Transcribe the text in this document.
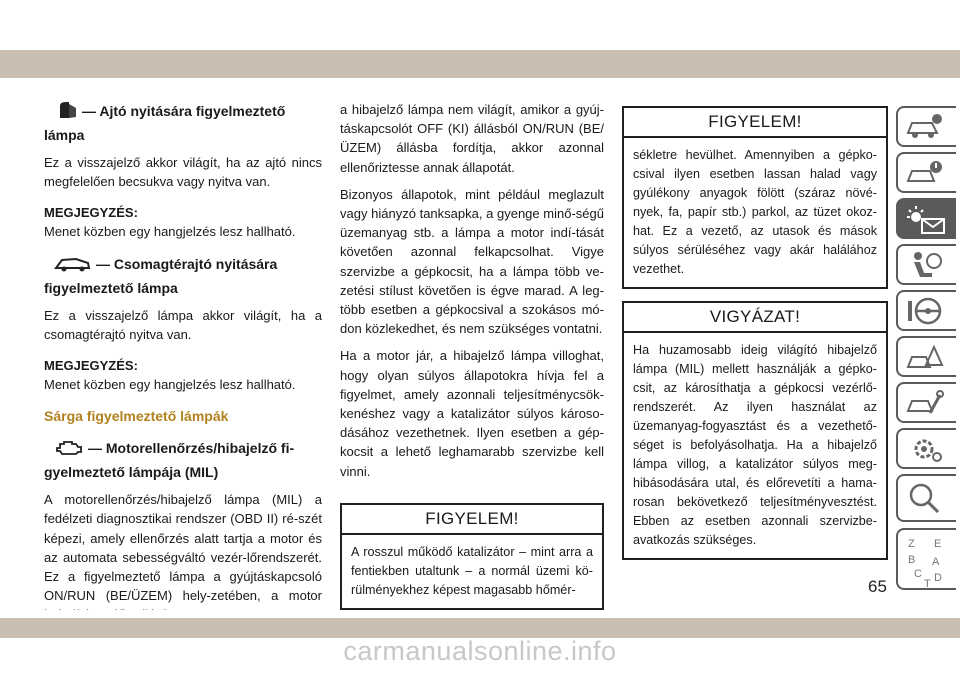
— Ajtó nyitására figyelmeztető lámpa

Ez a visszajelző akkor világít, ha az ajtó nincs megfelelően becsukva vagy nyitva van.

MEGJEGYZÉS:

Menet közben egy hangjelzés lesz hallható.

— Csomagtérajtó nyitására figyelmeztető lámpa

Ez a visszajelző lámpa akkor világít, ha a csomagtérajtó nyitva van.

MEGJEGYZÉS:

Menet közben egy hangjelzés lesz hallható.

Sárga figyelmeztető lámpák
— Motorellenőrzés/hibajelző fi-gyelmeztető lámpája (MIL)

A motorellenőrzés/hibajelző lámpa (MIL) a fedélzeti diagnosztikai rendszer (OBD II) ré-szét képezi, amely ellenőrzés alatt tartja a motor és az automata sebességváltó vezér-lőrendszerét. Ez a figyelmeztető lámpa a gyújtáskapcsoló ON/RUN (BE/ÜZEM) hely-zetében, a motor

a hibajelző lámpa nem világít, amikor a gyúj-táskapcsolót OFF (KI) állásból ON/RUN (BE/ÜZEM) állásba fordítja, akkor azonnal ellenőriztesse annak állapotát.

Bizonyos állapotok, mint például meglazult vagy hiányzó tanksapka, a gyenge minő-ségű üzemanyag stb. a lámpa a motor indí-tását követően azonnal felkapcsolhat. Vigye szervizbe a gépkocsit, ha a lámpa több ve-zetési stílust követően is égve marad. A leg-több esetben a gépkocsival a szokásos mó-don közlekedhet, és nem szükséges vontatni.

Ha a motor jár, a hibajelző lámpa villoghat, hogy olyan súlyos állapotokra hívja fel a figyelmet, amely azonnali teljesítménycsök-kenéshez vagy a katalizátor súlyos károso-dásához vezethetnek. Ilyen esetben a gép-kocsit a lehető leghamarabb szervizbe kell vinni.

FIGYELEM!

A rosszul működő katalizátor – mint arra a fentiekben utaltunk – a normál üzemi kö-rülményekhez képest magasabb hőmér-

FIGYELEM!

sékletre hevülhet. Amennyiben a gépko-csival ilyen esetben lassan halad vagy gyúlékony anyagok fölött (száraz növé-nyek, fa, papír stb.) parkol, az tüzet okoz-hat. Ez a vezető, az utasok és mások súlyos sérüléséhez vagy akár halálához vezethet.

VIGYÁZAT!

Ha huzamosabb ideig világító hibajelző lámpa (MIL) mellett használják a gépko-csit, az károsíthatja a gépkocsi vezérlő-rendszerét. Az ilyen használat az üzemanyag-fogyasztást és a vezethető-séget is befolyásolhatja. Ha a hibajelző lámpa villog, a katalizátor súlyos meg-hibásodására utal, és előrevetíti a hama-rosan bekövetkező teljesítményvesztést. Ebben az esetben azonnali szervizbe-avatkozás szükséges.	Z E
B A
C D
T
65
carmanualsonline.info
